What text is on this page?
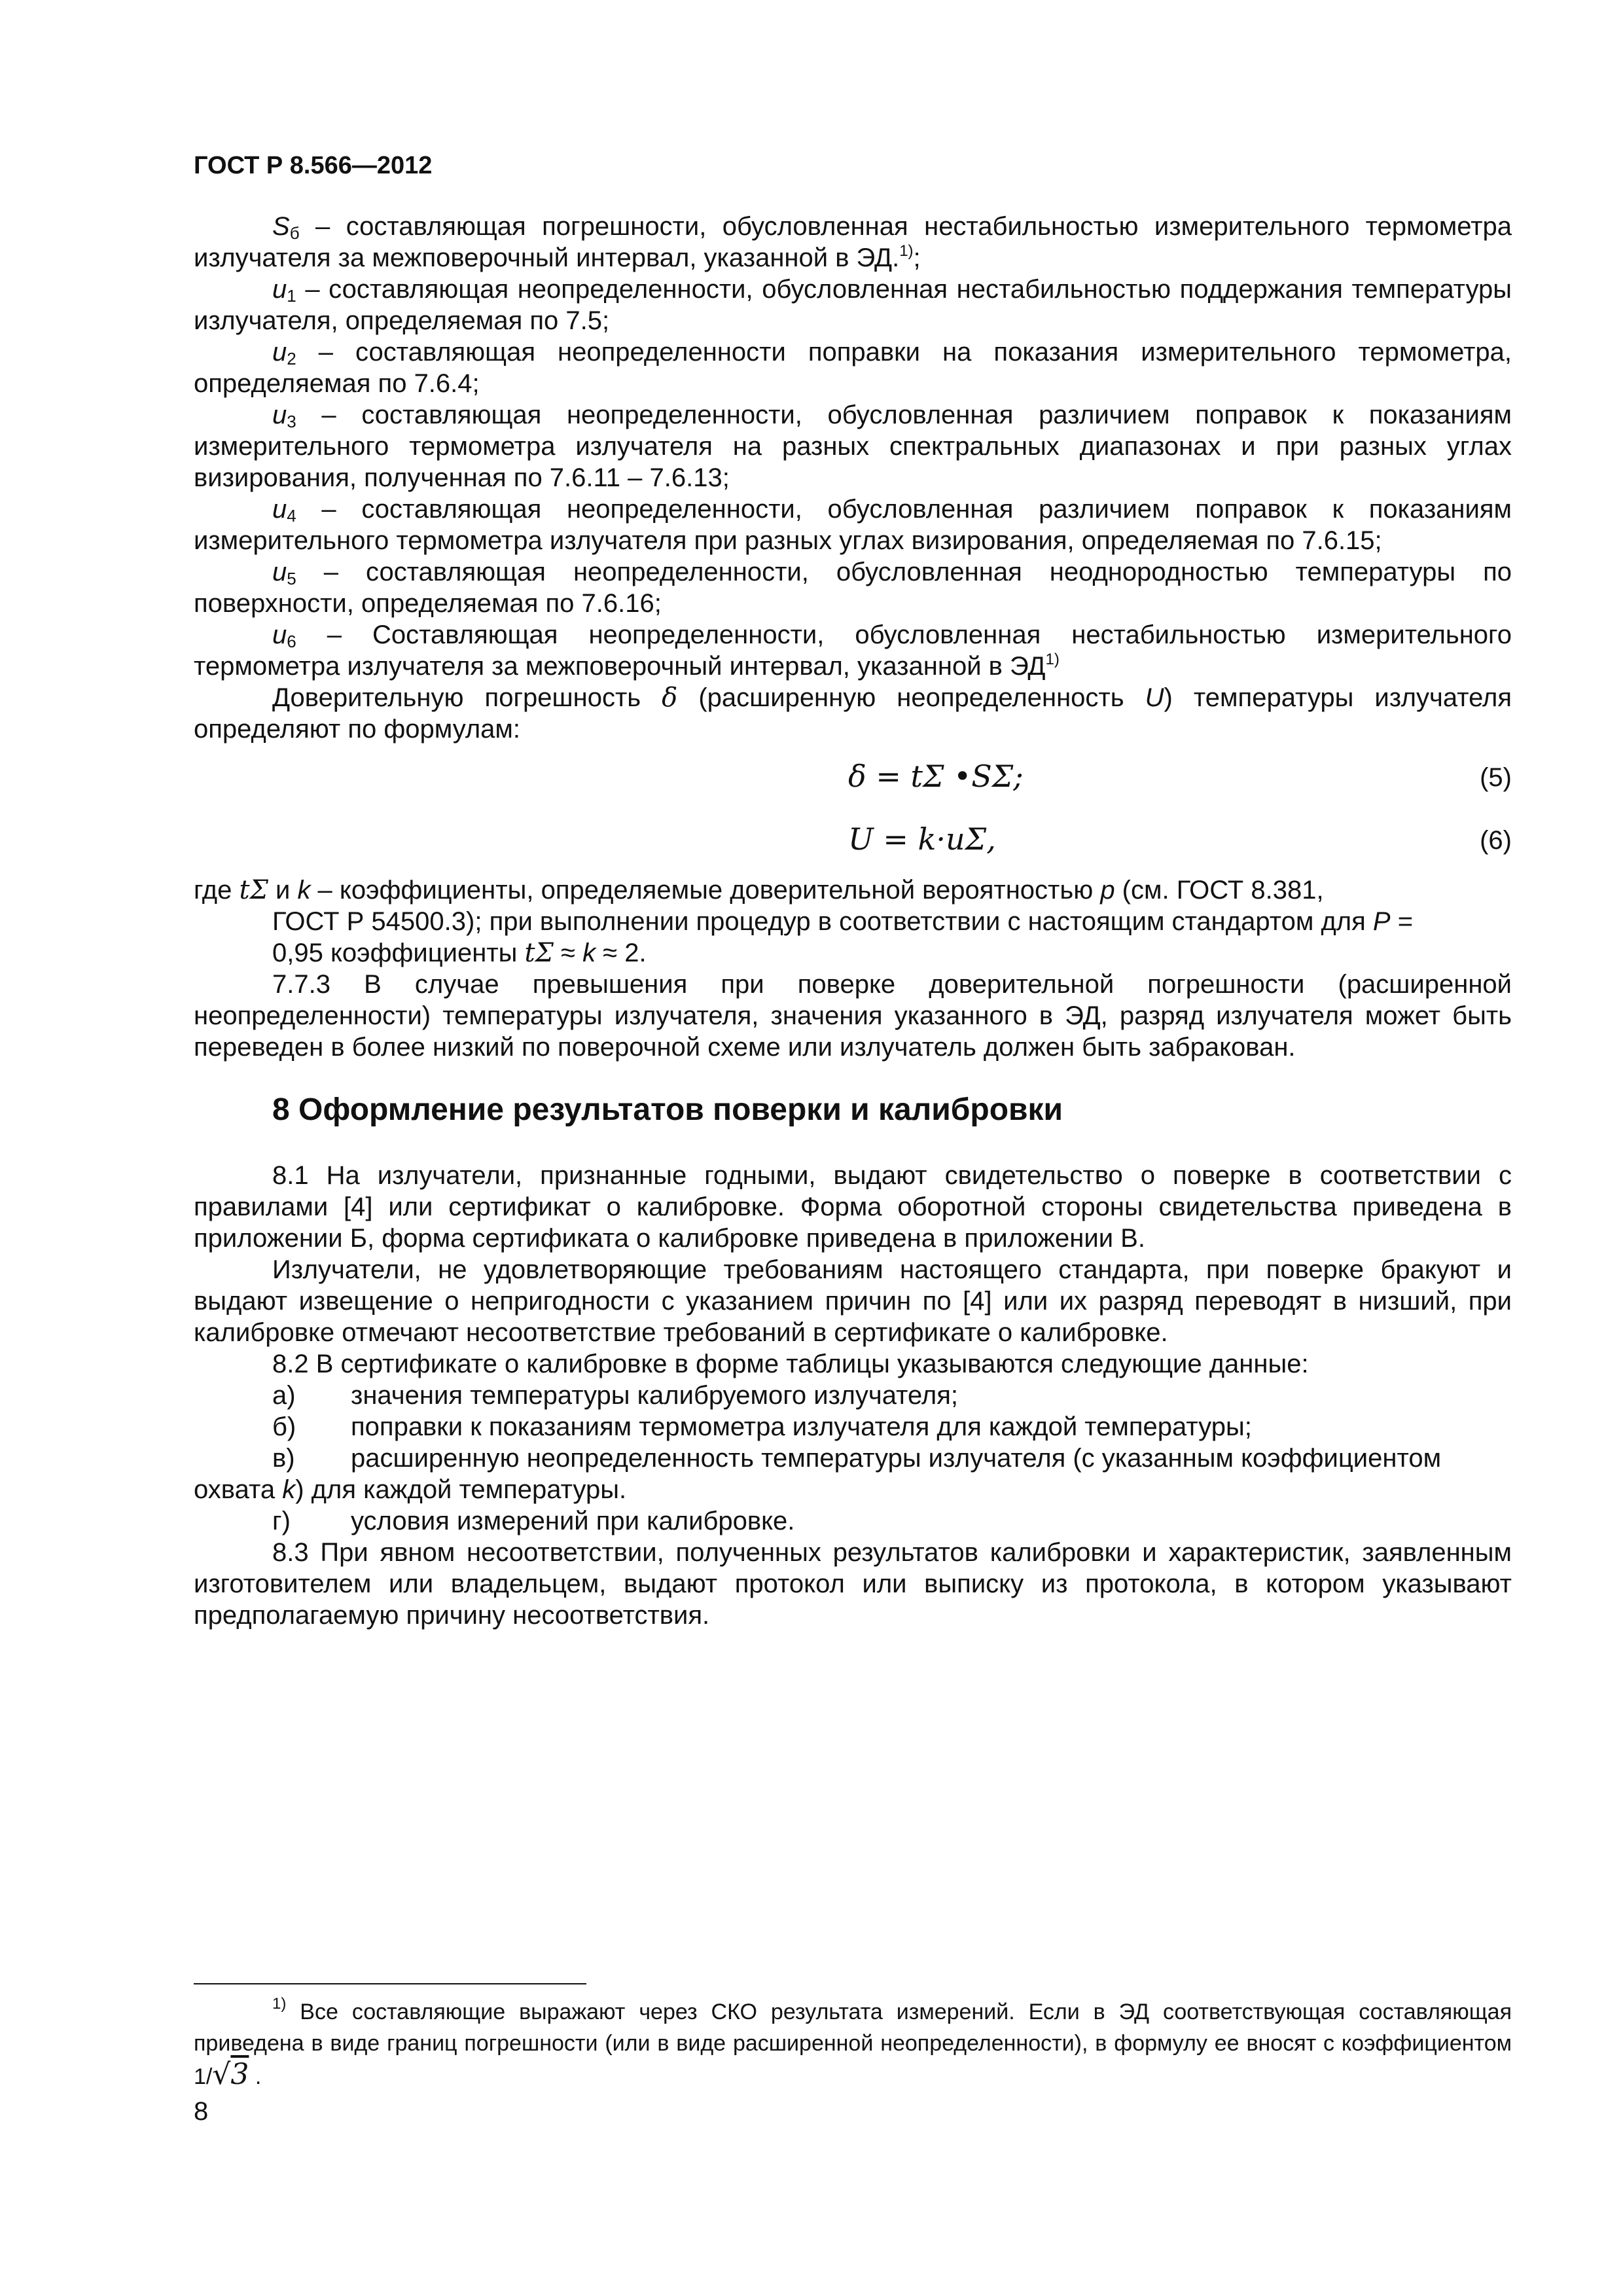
ГОСТ Р 8.566—2012

$S_б$ – составляющая погрешности, обусловленная нестабильностью измерительного термометра излучателя за межповерочный интервал, указанной в ЭД.$^{1)}$;

$u_1$ – составляющая неопределенности, обусловленная нестабильностью поддержания температуры излучателя, определяемая по 7.5;

$u_2$ – составляющая неопределенности поправки на показания измерительного термометра, определяемая по 7.6.4;

$u_3$ – составляющая неопределенности, обусловленная различием поправок к показаниям измерительного термометра излучателя на разных спектральных диапазонах и при разных углах визирования, полученная по 7.6.11 – 7.6.13;

$u_4$ – составляющая неопределенности, обусловленная различием поправок к показаниям измерительного термометра излучателя при разных углах визирования, определяемая по 7.6.15;

$u_5$ – составляющая неопределенности, обусловленная неоднородностью температуры по поверхности, определяемая по 7.6.16;

$u_6$ – Составляющая неопределенности, обусловленная нестабильностью измерительного термометра излучателя за межповерочный интервал, указанной в ЭД$^{1)}$

Доверительную погрешность δ (расширенную неопределенность U) температуры излучателя определяют по формулам:

δ = tΣ •SΣ;	(5)
U = k·uΣ,	(6)
где tΣ и k – коэффициенты, определяемые доверительной вероятностью p (см. ГОСТ 8.381,
ГОСТ Р 54500.3); при выполнении процедур в соответствии с настоящим стандартом для P =
0,95 коэффициенты tΣ ≈ k ≈ 2.

7.7.3 В случае превышения при поверке доверительной погрешности (расширенной неопределенности) температуры излучателя, значения указанного в ЭД, разряд излучателя может быть переведен в более низкий по поверочной схеме или излучатель должен быть забракован.

8 Оформление результатов поверки и калибровки

8.1 На излучатели, признанные годными, выдают свидетельство о поверке в соответствии с правилами [4] или сертификат о калибровке. Форма оборотной стороны свидетельства приведена в приложении Б, форма сертификата о калибровке приведена в приложении В.

Излучатели, не удовлетворяющие требованиям настоящего стандарта, при поверке бракуют и выдают извещение о непригодности с указанием причин по [4] или их разряд переводят в низший, при калибровке отмечают несоответствие требований в сертификате о калибровке.

8.2 В сертификате о калибровке в форме таблицы указываются следующие данные:

а)	значения температуры калибруемого излучателя;
б)	поправки к показаниям термометра излучателя для каждой температуры;
в)	расширенную неопределенность температуры излучателя (с указанным коэффициентом
охвата k) для каждой температуры.
г)	условия измерений при калибровке.

8.3 При явном несоответствии, полученных результатов калибровки и характеристик, заявленным изготовителем или владельцем, выдают протокол или выписку из протокола, в котором указывают предполагаемую причину несоответствия.

$^{1)}$ Все составляющие выражают через СКО результата измерений. Если в ЭД соответствующая составляющая приведена в виде границ погрешности (или в виде расширенной неопределенности), в формулу ее вносят с коэффициентом 1/√3 .
8
